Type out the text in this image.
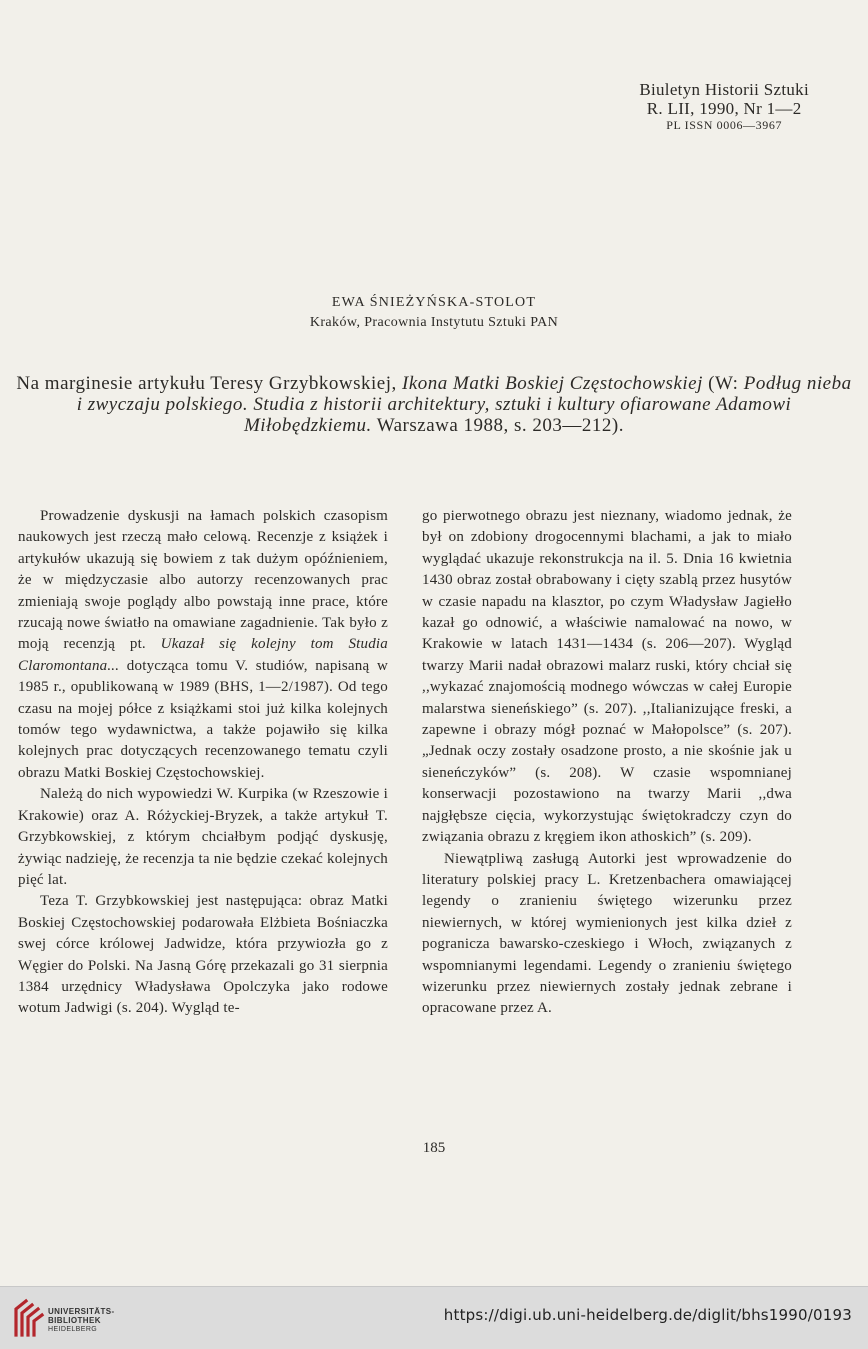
Biuletyn Historii Sztuki
R. LII, 1990, Nr 1—2
PL ISSN 0006—3967
EWA ŚNIEŻYŃSKA-STOLOT
Kraków, Pracownia Instytutu Sztuki PAN
Na marginesie artykułu Teresy Grzybkowskiej, Ikona Matki Boskiej Częstochowskiej (W: Podług nieba i zwyczaju polskiego. Studia z historii architektury, sztuki i kultury ofiarowane Adamowi Miłobędzkiemu. Warszawa 1988, s. 203—212).

Prowadzenie dyskusji na łamach polskich czasopism naukowych jest rzeczą mało celową. Recenzje z książek i artykułów ukazują się bowiem z tak dużym opóźnieniem, że w międzyczasie albo autorzy recenzowanych prac zmieniają swoje poglądy albo powstają inne prace, które rzucają nowe światło na omawiane zagadnienie. Tak było z moją recenzją pt. Ukazał się kolejny tom Studia Claromontana... dotycząca tomu V. studiów, napisaną w 1985 r., opublikowaną w 1989 (BHS, 1—2/1987). Od tego czasu na mojej półce z książkami stoi już kilka kolejnych tomów tego wydawnictwa, a także pojawiło się kilka kolejnych prac dotyczących recenzowanego tematu czyli obrazu Matki Boskiej Częstochowskiej.

Należą do nich wypowiedzi W. Kurpika (w Rzeszowie i Krakowie) oraz A. Różyckiej-Bryzek, a także artykuł T. Grzybkowskiej, z którym chciałbym podjąć dyskusję, żywiąc nadzieję, że recenzja ta nie będzie czekać kolejnych pięć lat.

Teza T. Grzybkowskiej jest następująca: obraz Matki Boskiej Częstochowskiej podarowała Elżbieta Bośniaczka swej córce królowej Jadwidze, która przywiozła go z Węgier do Polski. Na Jasną Górę przekazali go 31 sierpnia 1384 urzędnicy Władysława Opolczyka jako rodowe wotum Jadwigi (s. 204). Wygląd te-

go pierwotnego obrazu jest nieznany, wiadomo jednak, że był on zdobiony drogocennymi blachami, a jak to miało wyglądać ukazuje rekonstrukcja na il. 5. Dnia 16 kwietnia 1430 obraz został obrabowany i cięty szablą przez husytów w czasie napadu na klasztor, po czym Władysław Jagiełło kazał go odnowić, a właściwie namalować na nowo, w Krakowie w latach 1431—1434 (s. 206—207). Wygląd twarzy Marii nadał obrazowi malarz ruski, który chciał się ,,wykazać znajomością modnego wówczas w całej Europie malarstwa sieneńskiego” (s. 207). ,,Italianizujące freski, a zapewne i obrazy mógł poznać w Małopolsce” (s. 207). „Jednak oczy zostały osadzone prosto, a nie skośnie jak u sieneńczyków” (s. 208). W czasie wspomnianej konserwacji pozostawiono na twarzy Marii ,,dwa najgłębsze cięcia, wykorzystując świętokradczy czyn do związania obrazu z kręgiem ikon athoskich” (s. 209).

Niewątpliwą zasługą Autorki jest wprowadzenie do literatury polskiej pracy L. Kretzenbachera omawiającej legendy o zranieniu świętego wizerunku przez niewiernych, w której wymienionych jest kilka dzieł z pogranicza bawarsko-czeskiego i Włoch, związanych z wspomnianymi legendami. Legendy o zranieniu świętego wizerunku przez niewiernych zostały jednak zebrane i opracowane przez A.

185
UNIVERSITÄTS-
BIBLIOTHEK
HEIDELBERG
https://digi.ub.uni-heidelberg.de/diglit/bhs1990/0193
